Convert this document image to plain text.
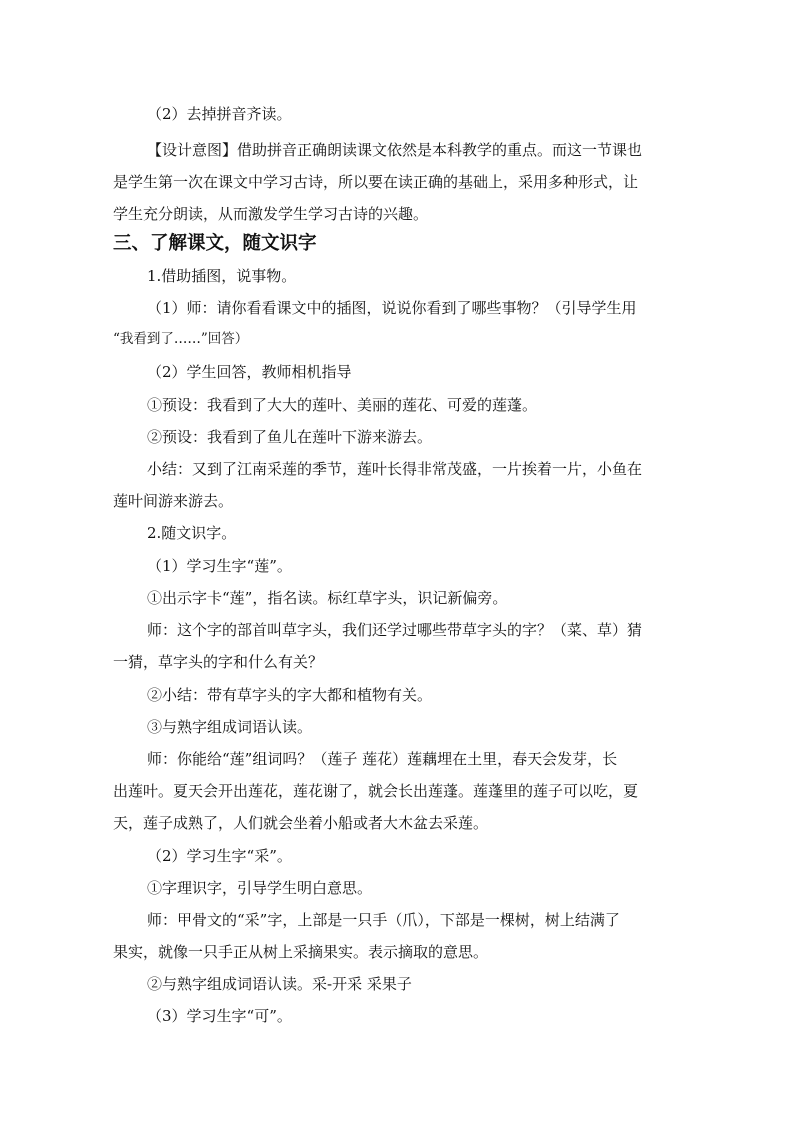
（2）去掉拼音齐读。
【设计意图】借助拼音正确朗读课文依然是本科教学的重点。而这一节课也
是学生第一次在课文中学习古诗，所以要在读正确的基础上，采用多种形式，让
学生充分朗读，从而激发学生学习古诗的兴趣。
三、了解课文，随文识字
1.借助插图，说事物。
（1）师：请你看看课文中的插图，说说你看到了哪些事物？（引导学生用
“我看到了……”回答）
（2）学生回答，教师相机指导
①预设：我看到了大大的莲叶、美丽的莲花、可爱的莲蓬。
②预设：我看到了鱼儿在莲叶下游来游去。
小结：又到了江南采莲的季节，莲叶长得非常茂盛，一片挨着一片，小鱼在
莲叶间游来游去。
2.随文识字。
（1）学习生字“莲”。
①出示字卡“莲”，指名读。标红草字头，识记新偏旁。
师：这个字的部首叫草字头，我们还学过哪些带草字头的字？（菜、草）猜
一猜，草字头的字和什么有关？
②小结：带有草字头的字大都和植物有关。
③与熟字组成词语认读。
师：你能给“莲”组词吗？（莲子 莲花）莲藕埋在土里，春天会发芽，长
出莲叶。夏天会开出莲花，莲花谢了，就会长出莲蓬。莲蓬里的莲子可以吃，夏
天，莲子成熟了，人们就会坐着小船或者大木盆去采莲。
（2）学习生字“采”。
①字理识字，引导学生明白意思。
师：甲骨文的“采”字，上部是一只手（爪），下部是一棵树，树上结满了
果实，就像一只手正从树上采摘果实。表示摘取的意思。
②与熟字组成词语认读。采-开采 采果子
（3）学习生字“可”。
